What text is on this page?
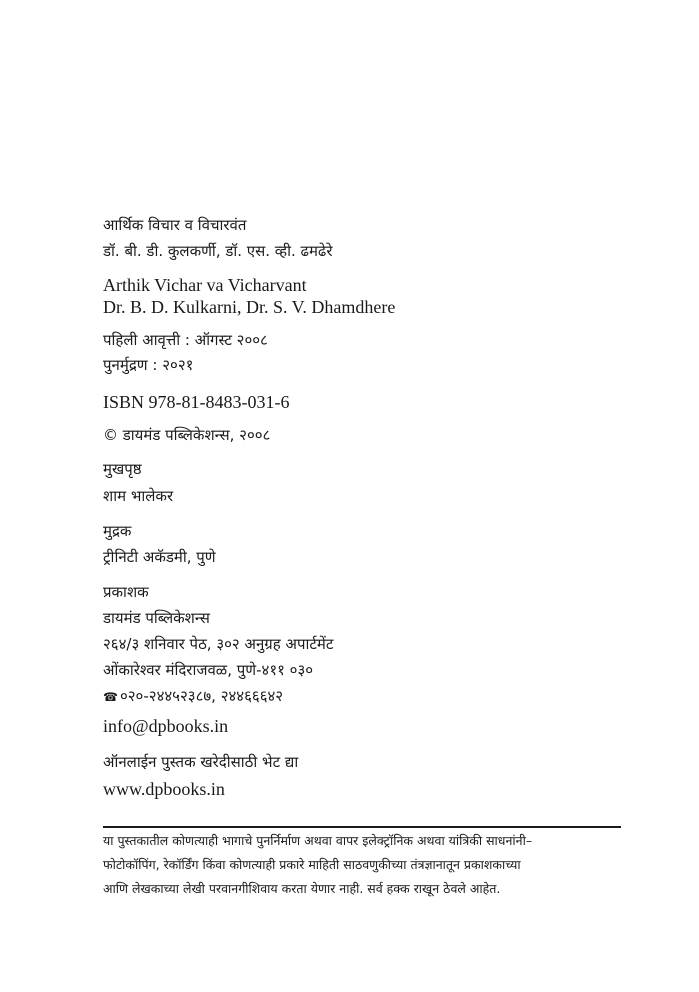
आर्थिक विचार व विचारवंत
डॉ. बी. डी. कुलकर्णी, डॉ. एस. व्ही. ढमढेरे
Arthik Vichar va Vicharvant
Dr. B. D. Kulkarni, Dr. S. V. Dhamdhere
पहिली आवृत्ती : ऑगस्ट २००८
पुनर्मुद्रण : २०२१
ISBN 978-81-8483-031-6
© डायमंड पब्लिकेशन्स, २००८
मुखपृष्ठ
शाम भालेकर
मुद्रक
ट्रीनिटी अकॅडमी, पुणे
प्रकाशक
डायमंड पब्लिकेशन्स
२६४/३ शनिवार पेठ, ३०२ अनुग्रह अपार्टमेंट
ओंकारेश्वर मंदिराजवळ, पुणे-४११ ०३०
☎ ०२०-२४४५२३८७, २४४६६६४२
info@dpbooks.in
ऑनलाईन पुस्तक खरेदीसाठी भेट द्या
www.dpbooks.in
या पुस्तकातील कोणत्याही भागाचे पुनर्निर्माण अथवा वापर इलेक्ट्रॉनिक अथवा यांत्रिकी साधनांनी–
फोटोकॉपिंग, रेकॉर्डिंग किंवा कोणत्याही प्रकारे माहिती साठवणुकीच्या तंत्रज्ञानातून प्रकाशकाच्या
आणि लेखकाच्या लेखी परवानगीशिवाय करता येणार नाही. सर्व हक्क राखून ठेवले आहेत.
